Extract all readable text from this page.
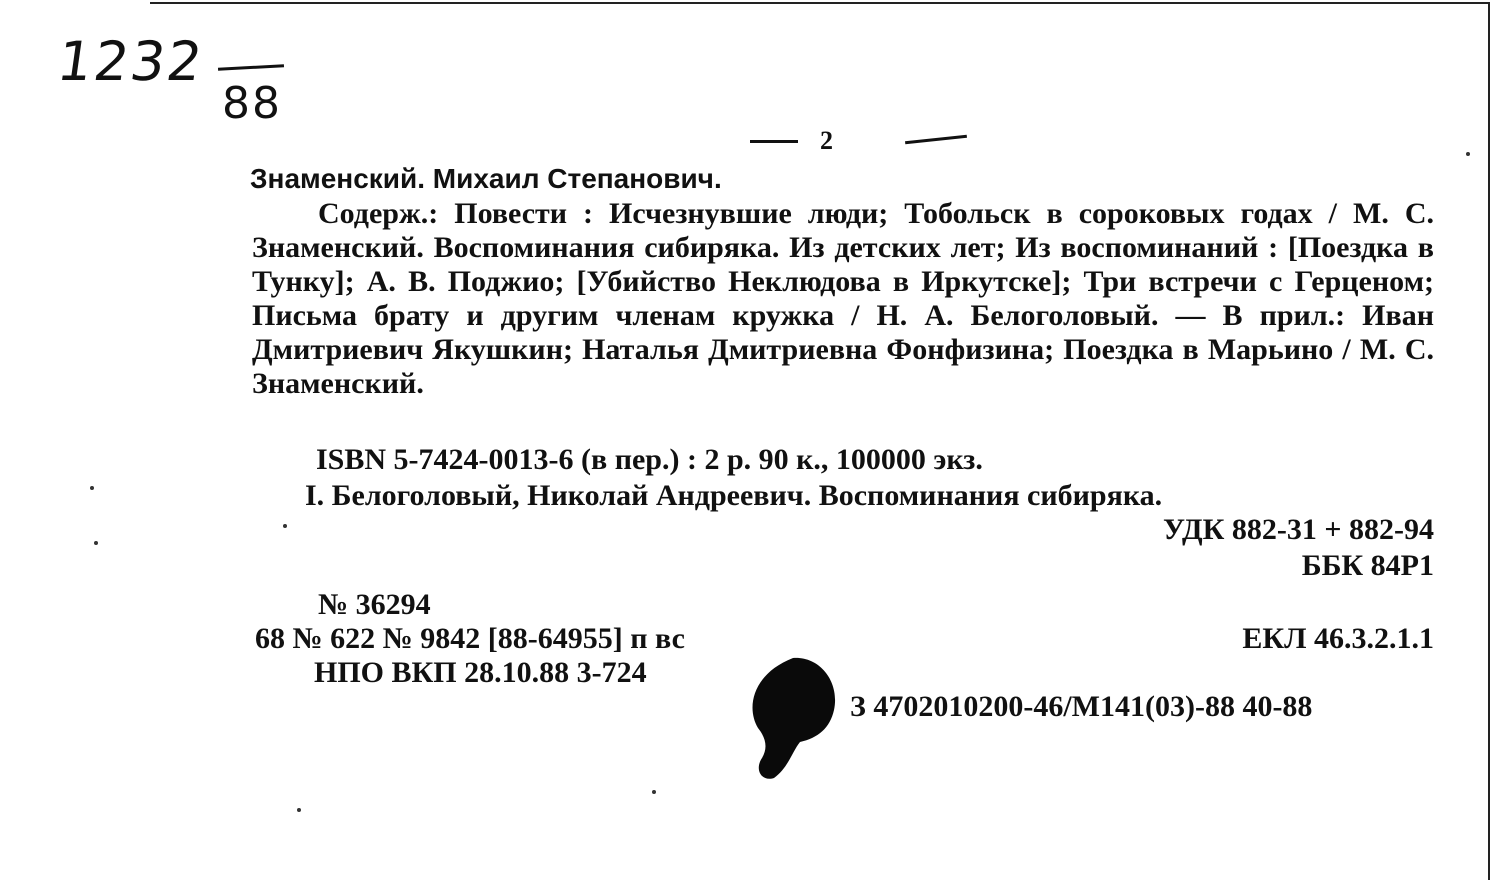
1232
88
2
Знаменский. Михаил Степанович.
Содерж.: Повести : Исчезнувшие люди; Тобольск в сороковых годах / М. С. Знаменский. Воспоминания сибиряка. Из детских лет; Из воспоминаний : [Поездка в Тунку]; А. В. Поджио; [Убийство Неклюдова в Иркутске]; Три встречи с Герценом; Письма брату и другим членам кружка / Н. А. Белоголовый. — В прил.: Иван Дмитриевич Якушкин; Наталья Дмитриевна Фонфизина; Поездка в Марьино / М. С. Знаменский.
ISBN 5-7424-0013-6 (в пер.) : 2 р. 90 к., 100000 экз.
I. Белоголовый, Николай Андреевич. Воспоминания сибиряка.
УДК 882-31 + 882-94
ББК 84Р1
№ 36294
68 № 622 № 9842 [88-64955] п вс	ЕКЛ 46.3.2.1.1
НПО ВКП 28.10.88 3-724
З 4702010200-46/М141(03)-88 40-88
